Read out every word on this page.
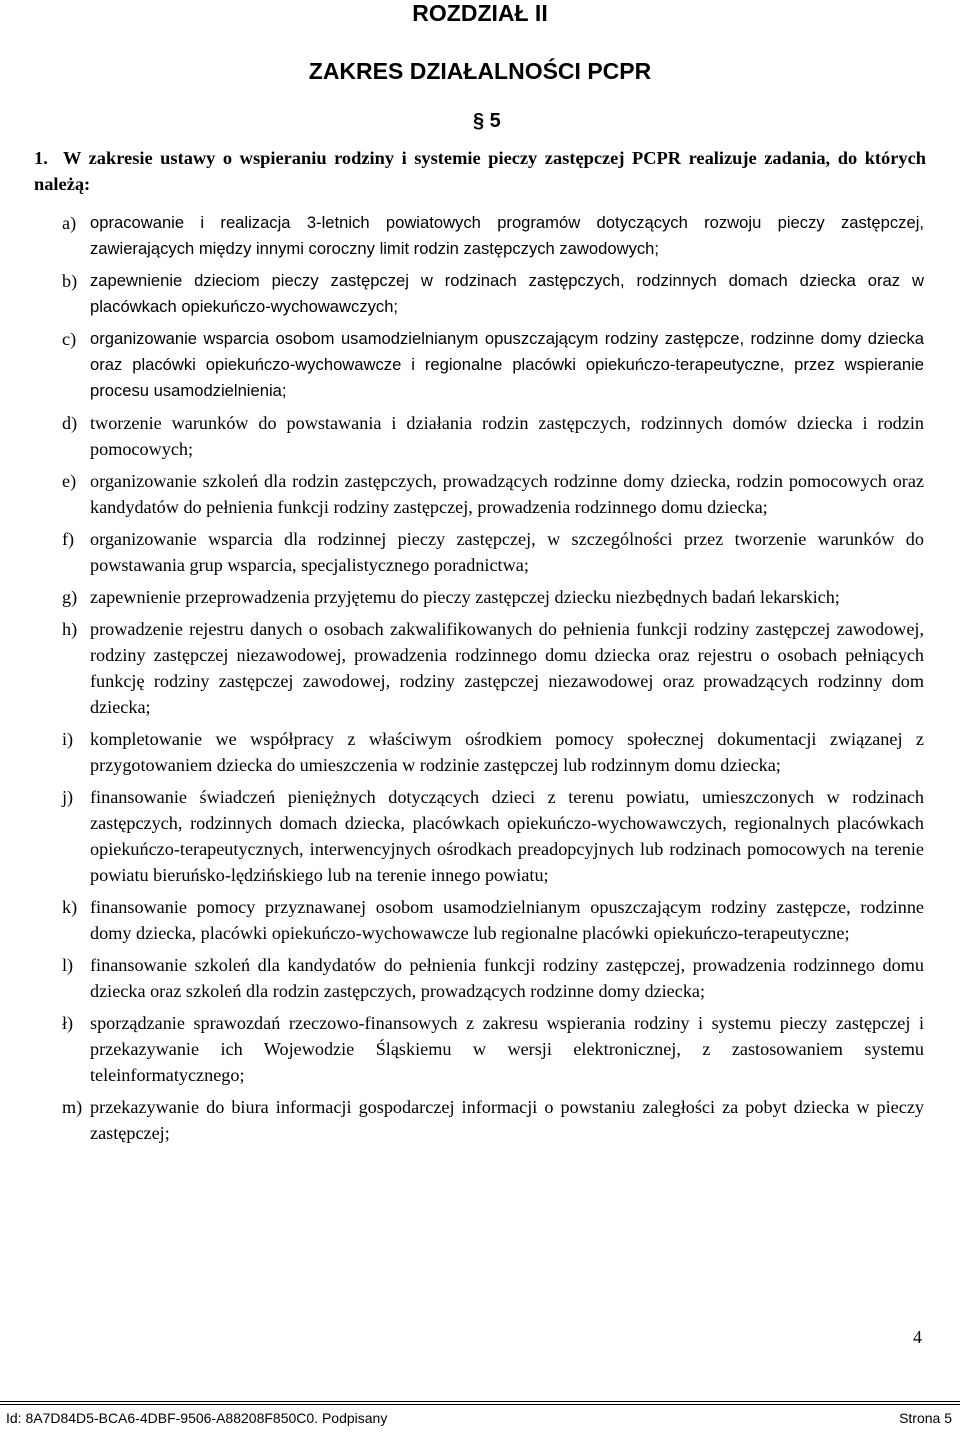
ROZDZIAŁ II
ZAKRES DZIAŁALNOŚCI PCPR
§ 5
1. W zakresie ustawy o wspieraniu rodziny i systemie pieczy zastępczej PCPR realizuje zadania, do których należą:
a) opracowanie i realizacja 3-letnich powiatowych programów dotyczących rozwoju pieczy zastępczej, zawierających między innymi coroczny limit rodzin zastępczych zawodowych;
b) zapewnienie dzieciom pieczy zastępczej w rodzinach zastępczych, rodzinnych domach dziecka oraz w placówkach opiekuńczo-wychowawczych;
c) organizowanie wsparcia osobom usamodzielnianym opuszczającym rodziny zastępcze, rodzinne domy dziecka oraz placówki opiekuńczo-wychowawcze i regionalne placówki opiekuńczo-terapeutyczne, przez wspieranie procesu usamodzielnienia;
d) tworzenie warunków do powstawania i działania rodzin zastępczych, rodzinnych domów dziecka i rodzin pomocowych;
e) organizowanie szkoleń dla rodzin zastępczych, prowadzących rodzinne domy dziecka, rodzin pomocowych oraz kandydatów do pełnienia funkcji rodziny zastępczej, prowadzenia rodzinnego domu dziecka;
f) organizowanie wsparcia dla rodzinnej pieczy zastępczej, w szczególności przez tworzenie warunków do powstawania grup wsparcia, specjalistycznego poradnictwa;
g) zapewnienie przeprowadzenia przyjętemu do pieczy zastępczej dziecku niezbędnych badań lekarskich;
h) prowadzenie rejestru danych o osobach zakwalifikowanych do pełnienia funkcji rodziny zastępczej zawodowej, rodziny zastępczej niezawodowej, prowadzenia rodzinnego domu dziecka oraz rejestru o osobach pełniących funkcję rodziny zastępczej zawodowej, rodziny zastępczej niezawodowej oraz prowadzących rodzinny dom dziecka;
i) kompletowanie we współpracy z właściwym ośrodkiem pomocy społecznej dokumentacji związanej z przygotowaniem dziecka do umieszczenia w rodzinie zastępczej lub rodzinnym domu dziecka;
j) finansowanie świadczeń pieniężnych dotyczących dzieci z terenu powiatu, umieszczonych w rodzinach zastępczych, rodzinnych domach dziecka, placówkach opiekuńczo-wychowawczych, regionalnych placówkach opiekuńczo-terapeutycznych, interwencyjnych ośrodkach preadopcyjnych lub rodzinach pomocowych na terenie powiatu bieruńsko-lędzińskiego lub na terenie innego powiatu;
k) finansowanie pomocy przyznawanej osobom usamodzielnianym opuszczającym rodziny zastępcze, rodzinne domy dziecka, placówki opiekuńczo-wychowawcze lub regionalne placówki opiekuńczo-terapeutyczne;
l) finansowanie szkoleń dla kandydatów do pełnienia funkcji rodziny zastępczej, prowadzenia rodzinnego domu dziecka oraz szkoleń dla rodzin zastępczych, prowadzących rodzinne domy dziecka;
ł) sporządzanie sprawozdań rzeczowo-finansowych z zakresu wspierania rodziny i systemu pieczy zastępczej i przekazywanie ich Wojewodzie Śląskiemu w wersji elektronicznej, z zastosowaniem systemu teleinformatycznego;
m) przekazywanie do biura informacji gospodarczej informacji o powstaniu zaległości za pobyt dziecka w pieczy zastępczej;
4
Id: 8A7D84D5-BCA6-4DBF-9506-A88208F850C0. Podpisany	Strona 5
